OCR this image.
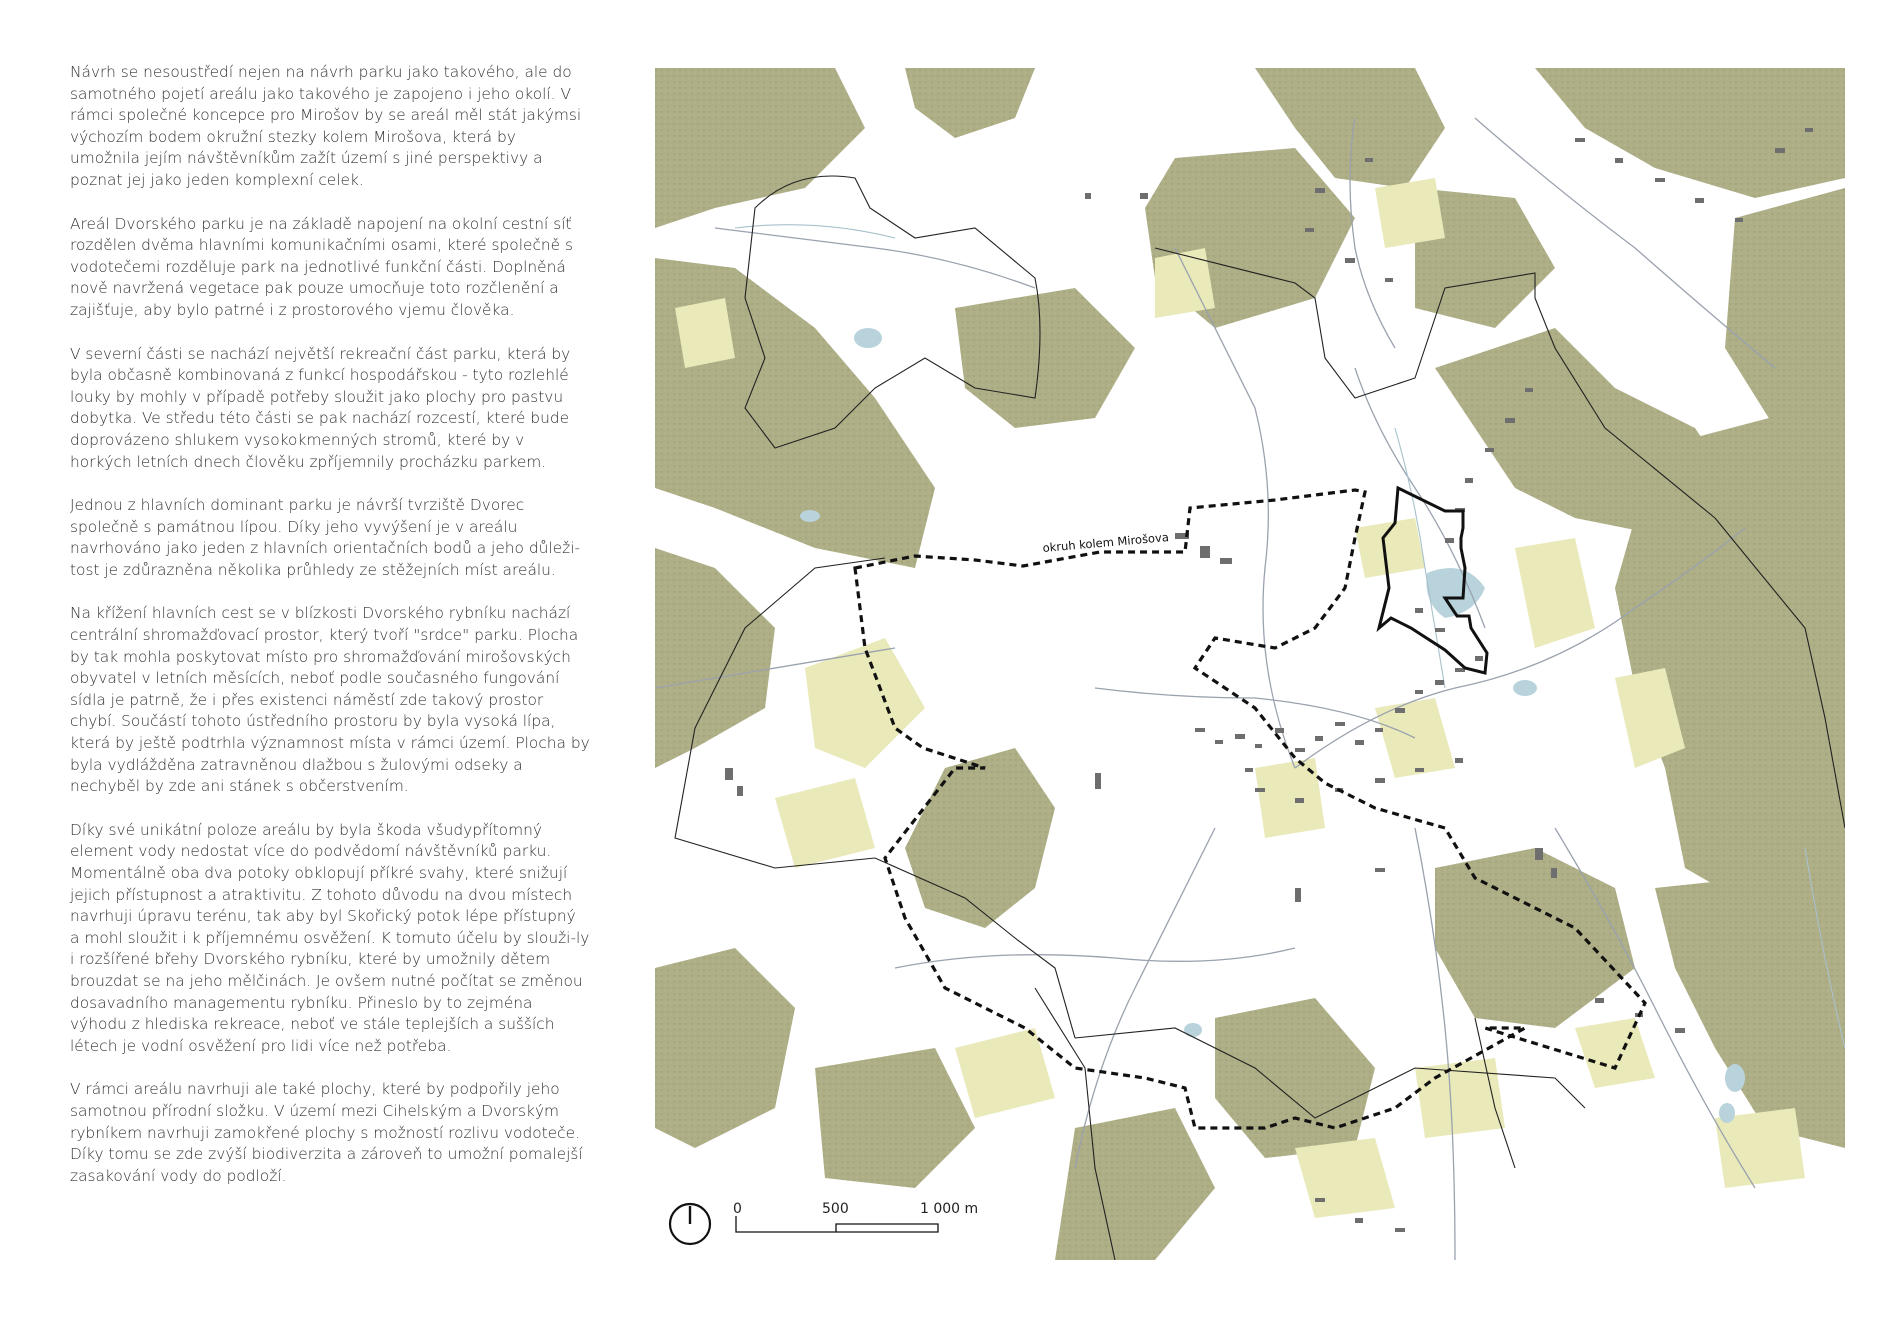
Návrh se nesoustředí nejen na návrh parku jako takového, ale do samotného pojetí areálu jako takového je zapojeno i jeho okolí. V rámci společné koncepce pro Mirošov by se areál měl stát jakýmsi výchozím bodem okružní stezky kolem Mirošova, která by umožnila jejím návštěvníkům zažít území s jiné perspektivy a poznat jej jako jeden komplexní celek.

Areál Dvorského parku je na základě napojení na okolní cestní síť rozdělen dvěma hlavními komunikačními osami, které společně s vodotečemi rozděluje park na jednotlivé funkční části. Doplněná nově navržená vegetace pak pouze umocňuje toto rozčlenění a zajišťuje, aby bylo patrné i z prostorového vjemu člověka.

V severní části se nachází největší rekreační část parku, která by byla občasně kombinovaná z funkcí hospodářskou - tyto rozlehlé louky by mohly v případě potřeby sloužit jako plochy pro pastvu dobytka. Ve středu této části se pak nachází rozcestí, které bude doprovázeno shlukem vysokokmenných stromů, které by v horkých letních dnech člověku zpříjemnily procházku parkem.

Jednou z hlavních dominant parku je návrší tvrziště Dvorec společně s památnou lípou. Díky jeho vyvýšení je v areálu navrhováno jako jeden z hlavních orientačních bodů a jeho důleži-tost je zdůrazněna několika průhledy ze stěžejních míst areálu.

Na křížení hlavních cest se v blízkosti Dvorského rybníku nachází centrální shromažďovací prostor, který tvoří "srdce" parku. Plocha by tak mohla poskytovat místo pro shromažďování mirošovských obyvatel v letních měsících, neboť podle současného fungování sídla je patrně, že i přes existenci náměstí zde takový prostor chybí. Součástí tohoto ústředního prostoru by byla vysoká lípa, která by ještě podtrhla významnost místa v rámci území. Plocha by byla vydlážděna zatravněnou dlažbou s žulovými odseky a nechyběl by zde ani stánek s občerstvením.

Díky své unikátní poloze areálu by byla škoda všudypřítomný element vody nedostat více do podvědomí návštěvníků parku. Momentálně oba dva potoky obklopují příkré svahy, které snižují jejich přístupnost a atraktivitu. Z tohoto důvodu na dvou místech navrhuji úpravu terénu, tak aby byl Skořický potok lépe přístupný a mohl sloužit i k příjemnému osvěžení. K tomuto účelu by slouži-ly i rozšířené břehy Dvorského rybníku, které by umožnily dětem brouzdat se na jeho mělčinách. Je ovšem nutné počítat se změnou dosavadního managementu rybníku. Přineslo by to zejména výhodu z hlediska rekreace, neboť ve stále teplejších a sušších létech je vodní osvěžení pro lidi více než potřeba.

V rámci areálu navrhuji ale také plochy, které by podpořily jeho samotnou přírodní složku. V území mezi Cihelským a Dvorským rybníkem navrhuji zamokřené plochy s možností rozlivu vodoteče. Díky tomu se zde zvýší biodiverzita a zároveň to umožní pomalejší zasakování vody do podloží.

okruh kolem Mirošova
0	500	1 000 m
